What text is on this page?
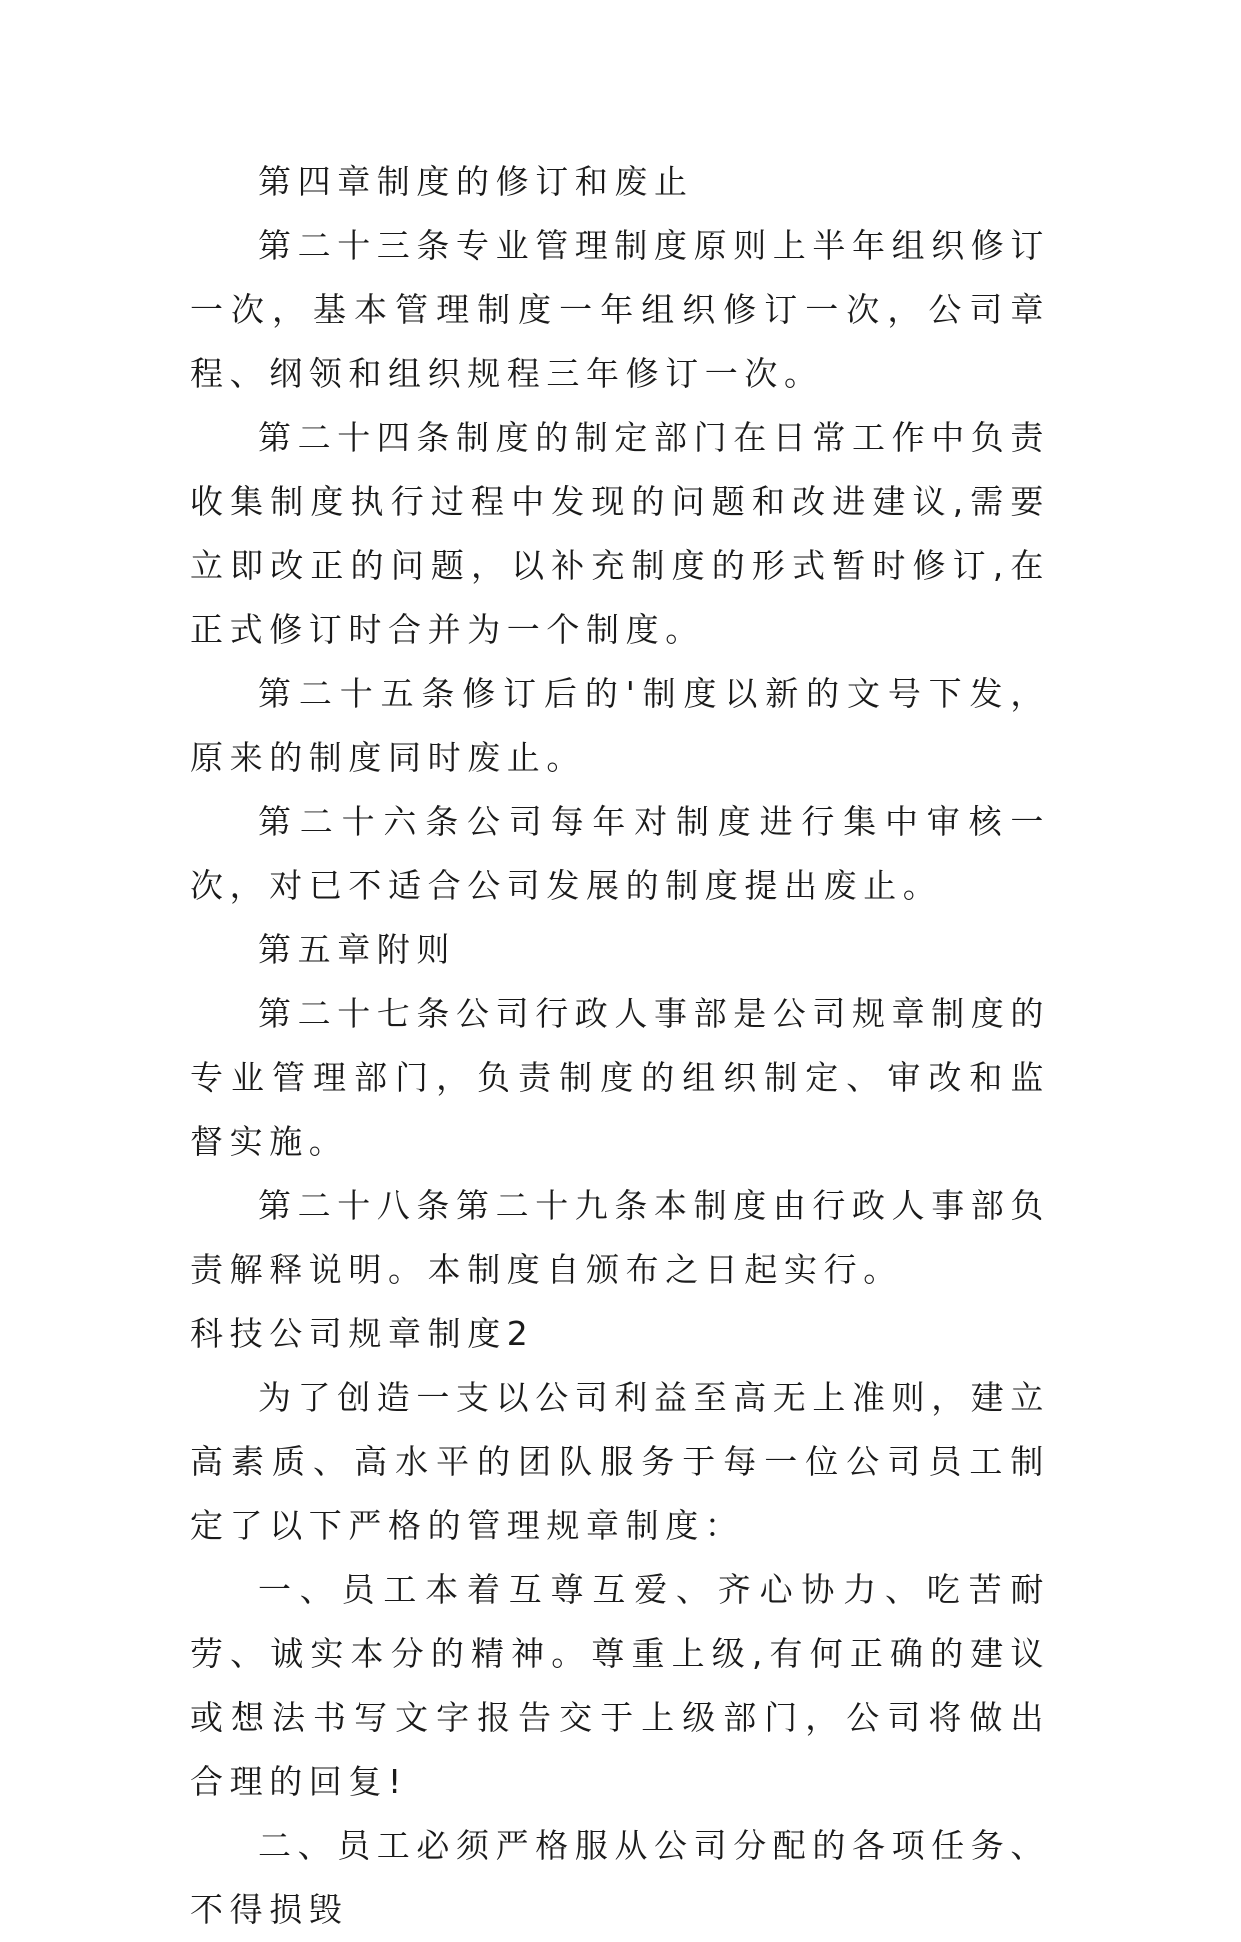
第四章制度的修订和废止

第二十三条专业管理制度原则上半年组织修订一次，基本管理制度一年组织修订一次，公司章程、纲领和组织规程三年修订一次。

第二十四条制度的制定部门在日常工作中负责收集制度执行过程中发现的问题和改进建议,需要立即改正的问题，以补充制度的形式暂时修订,在正式修订时合并为一个制度。

第二十五条修订后的'制度以新的文号下发，原来的制度同时废止。

第二十六条公司每年对制度进行集中审核一次，对已不适合公司发展的制度提出废止。

第五章附则

第二十七条公司行政人事部是公司规章制度的专业管理部门，负责制度的组织制定、审改和监督实施。

第二十八条第二十九条本制度由行政人事部负责解释说明。本制度自颁布之日起实行。

科技公司规章制度2

为了创造一支以公司利益至高无上准则，建立高素质、高水平的团队服务于每一位公司员工制定了以下严格的管理规章制度：

一、员工本着互尊互爱、齐心协力、吃苦耐劳、诚实本分的精神。尊重上级,有何正确的建议或想法书写文字报告交于上级部门，公司将做出合理的回复!

二、员工必须严格服从公司分配的各项任务、不得损毁
